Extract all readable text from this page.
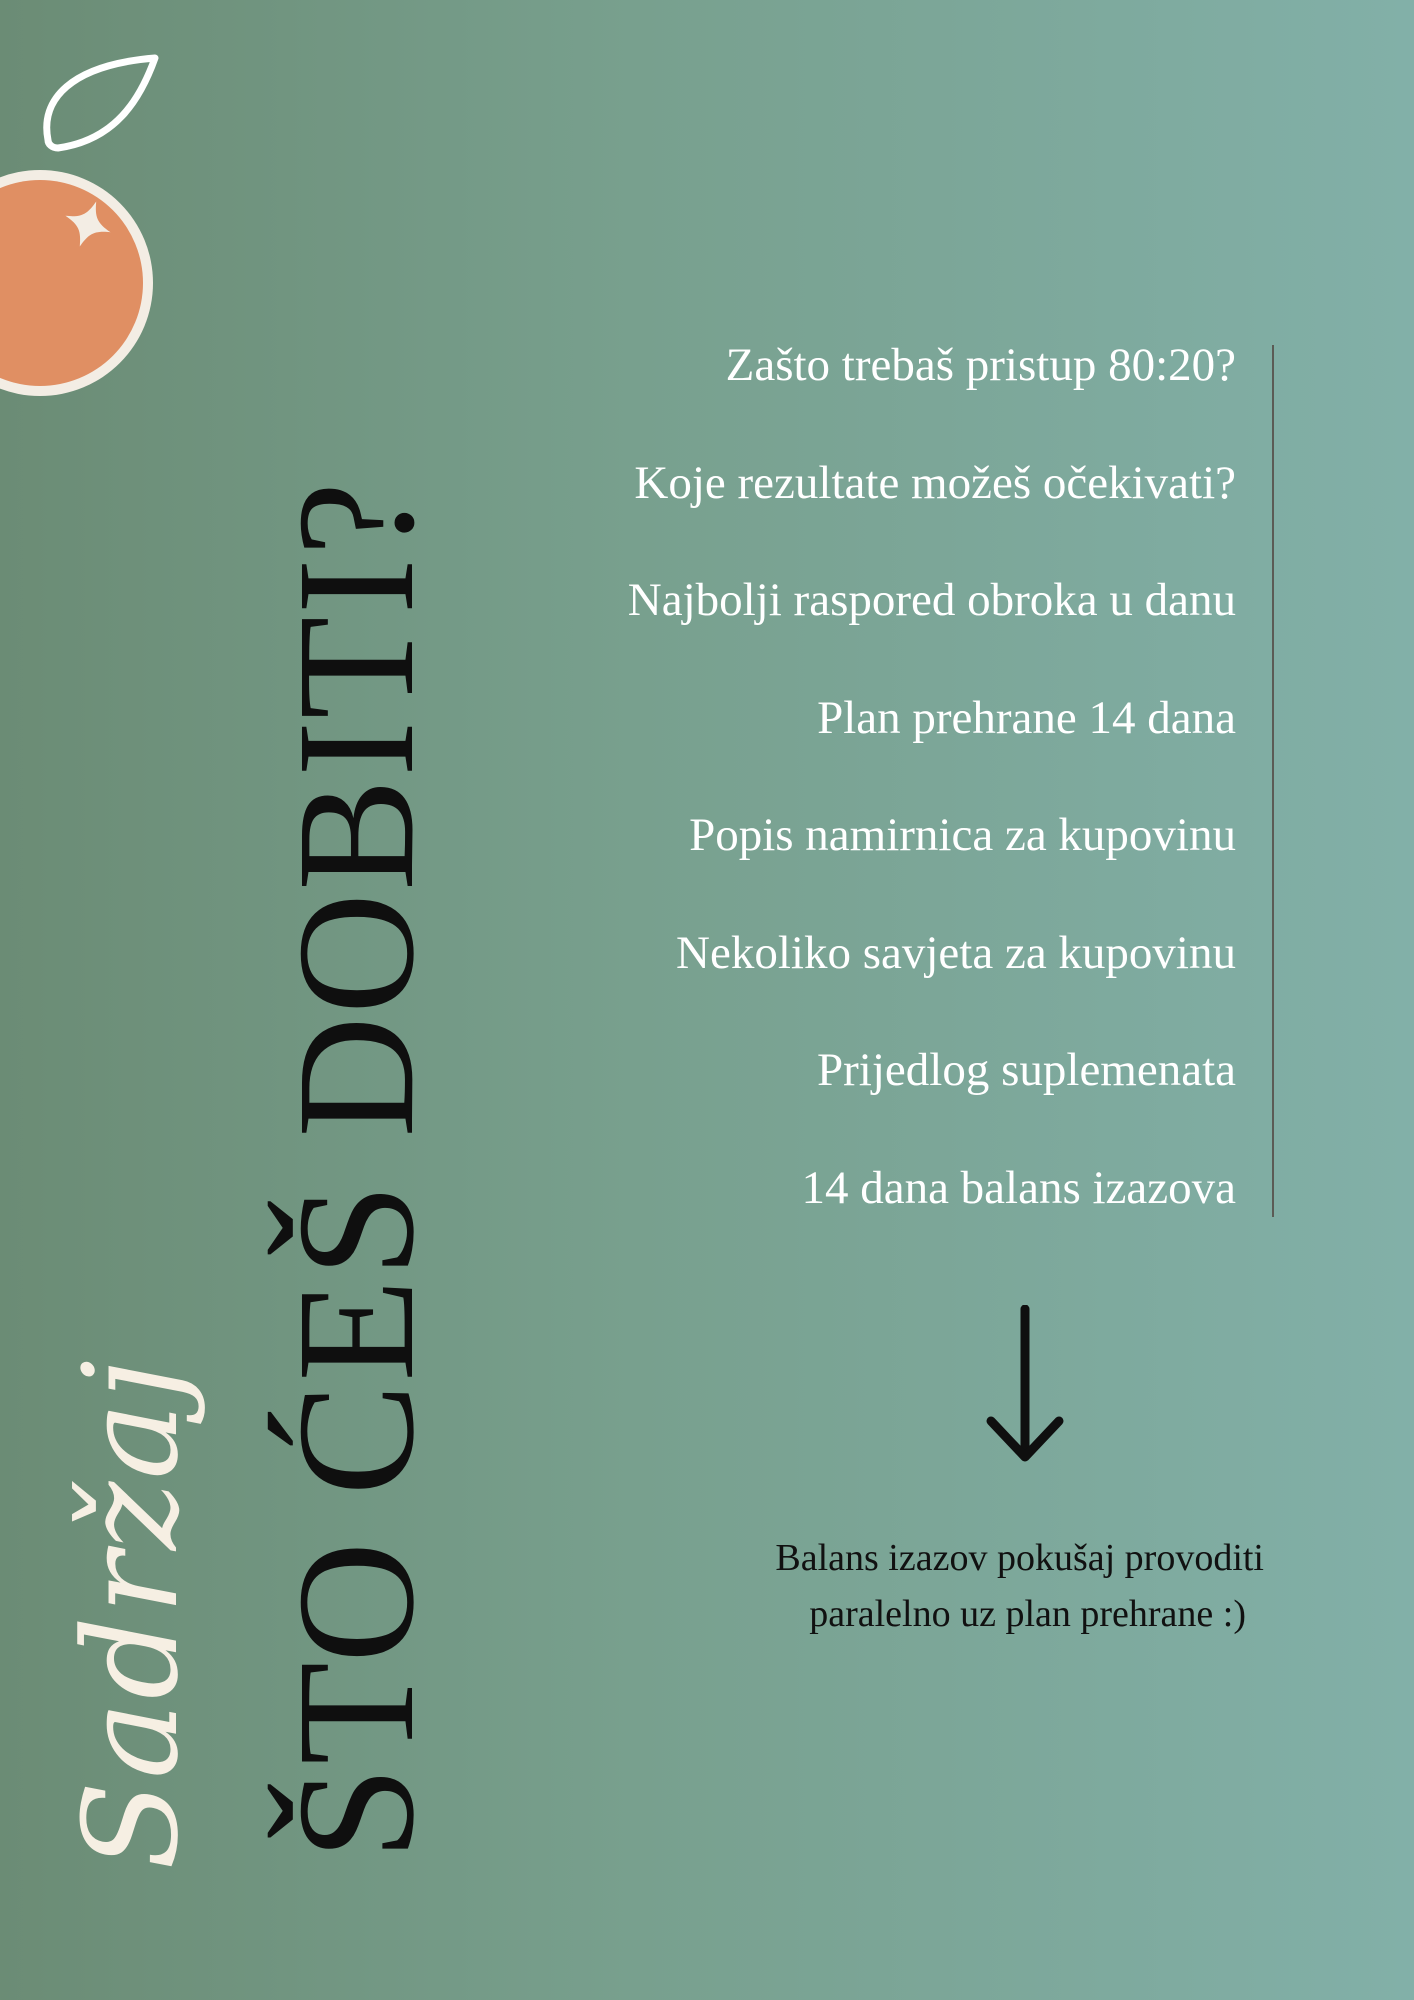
Sadržaj ŠTO ĆEŠ DOBITI?
Zašto trebaš pristup 80:20?
Koje rezultate možeš očekivati?
Najbolji raspored obroka u danu
Plan prehrane 14 dana
Popis namirnica za kupovinu
Nekoliko savjeta za kupovinu
Prijedlog suplemenata
14 dana balans izazova
Balans izazov pokušaj provoditi
paralelno uz plan prehrane :)
